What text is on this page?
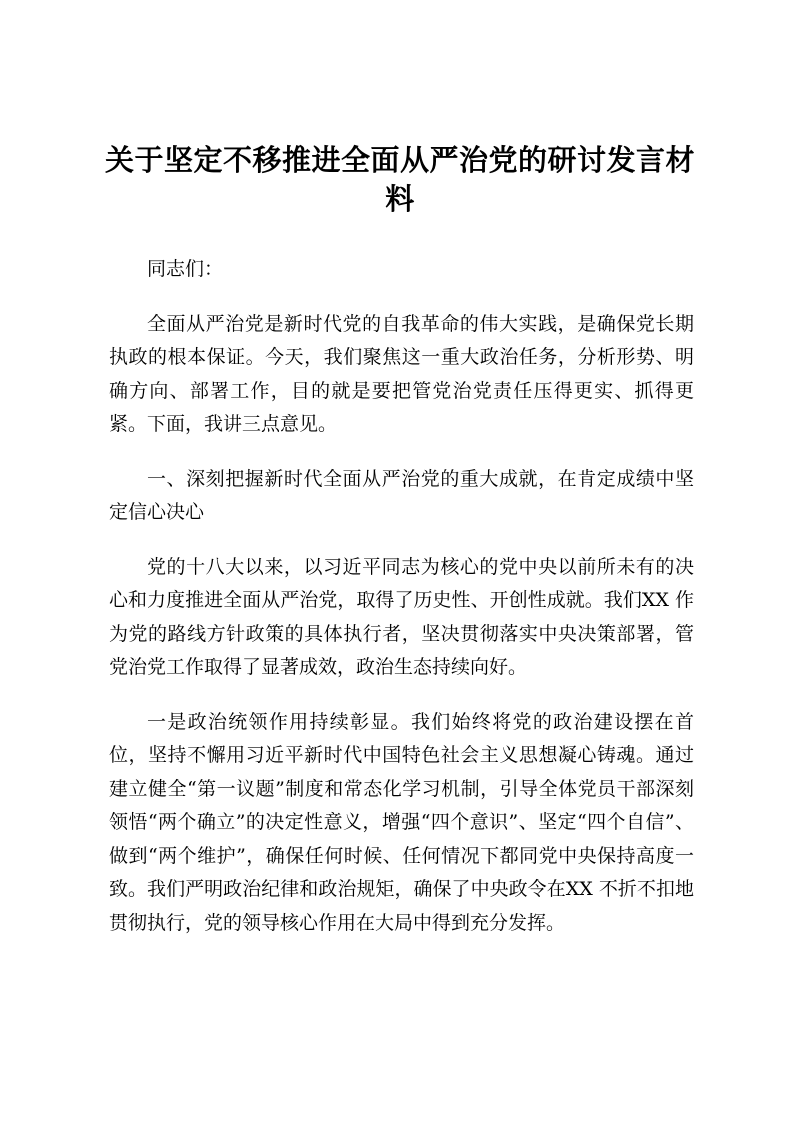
关于坚定不移推进全面从严治党的研讨发言材料

同志们：

全面从严治党是新时代党的自我革命的伟大实践，是确保党长期执政的根本保证。今天，我们聚焦这一重大政治任务，分析形势、明确方向、部署工作，目的就是要把管党治党责任压得更实、抓得更紧。下面，我讲三点意见。

一、深刻把握新时代全面从严治党的重大成就，在肯定成绩中坚定信心决心

党的十八大以来，以习近平同志为核心的党中央以前所未有的决心和力度推进全面从严治党，取得了历史性、开创性成就。我们XX 作为党的路线方针政策的具体执行者，坚决贯彻落实中央决策部署，管党治党工作取得了显著成效，政治生态持续向好。

一是政治统领作用持续彰显。我们始终将党的政治建设摆在首位，坚持不懈用习近平新时代中国特色社会主义思想凝心铸魂。通过建立健全“第一议题”制度和常态化学习机制，引导全体党员干部深刻领悟“两个确立”的决定性意义，增强“四个意识”、坚定“四个自信”、做到“两个维护”，确保任何时候、任何情况下都同党中央保持高度一致。我们严明政治纪律和政治规矩，确保了中央政令在XX 不折不扣地贯彻执行，党的领导核心作用在大局中得到充分发挥。
